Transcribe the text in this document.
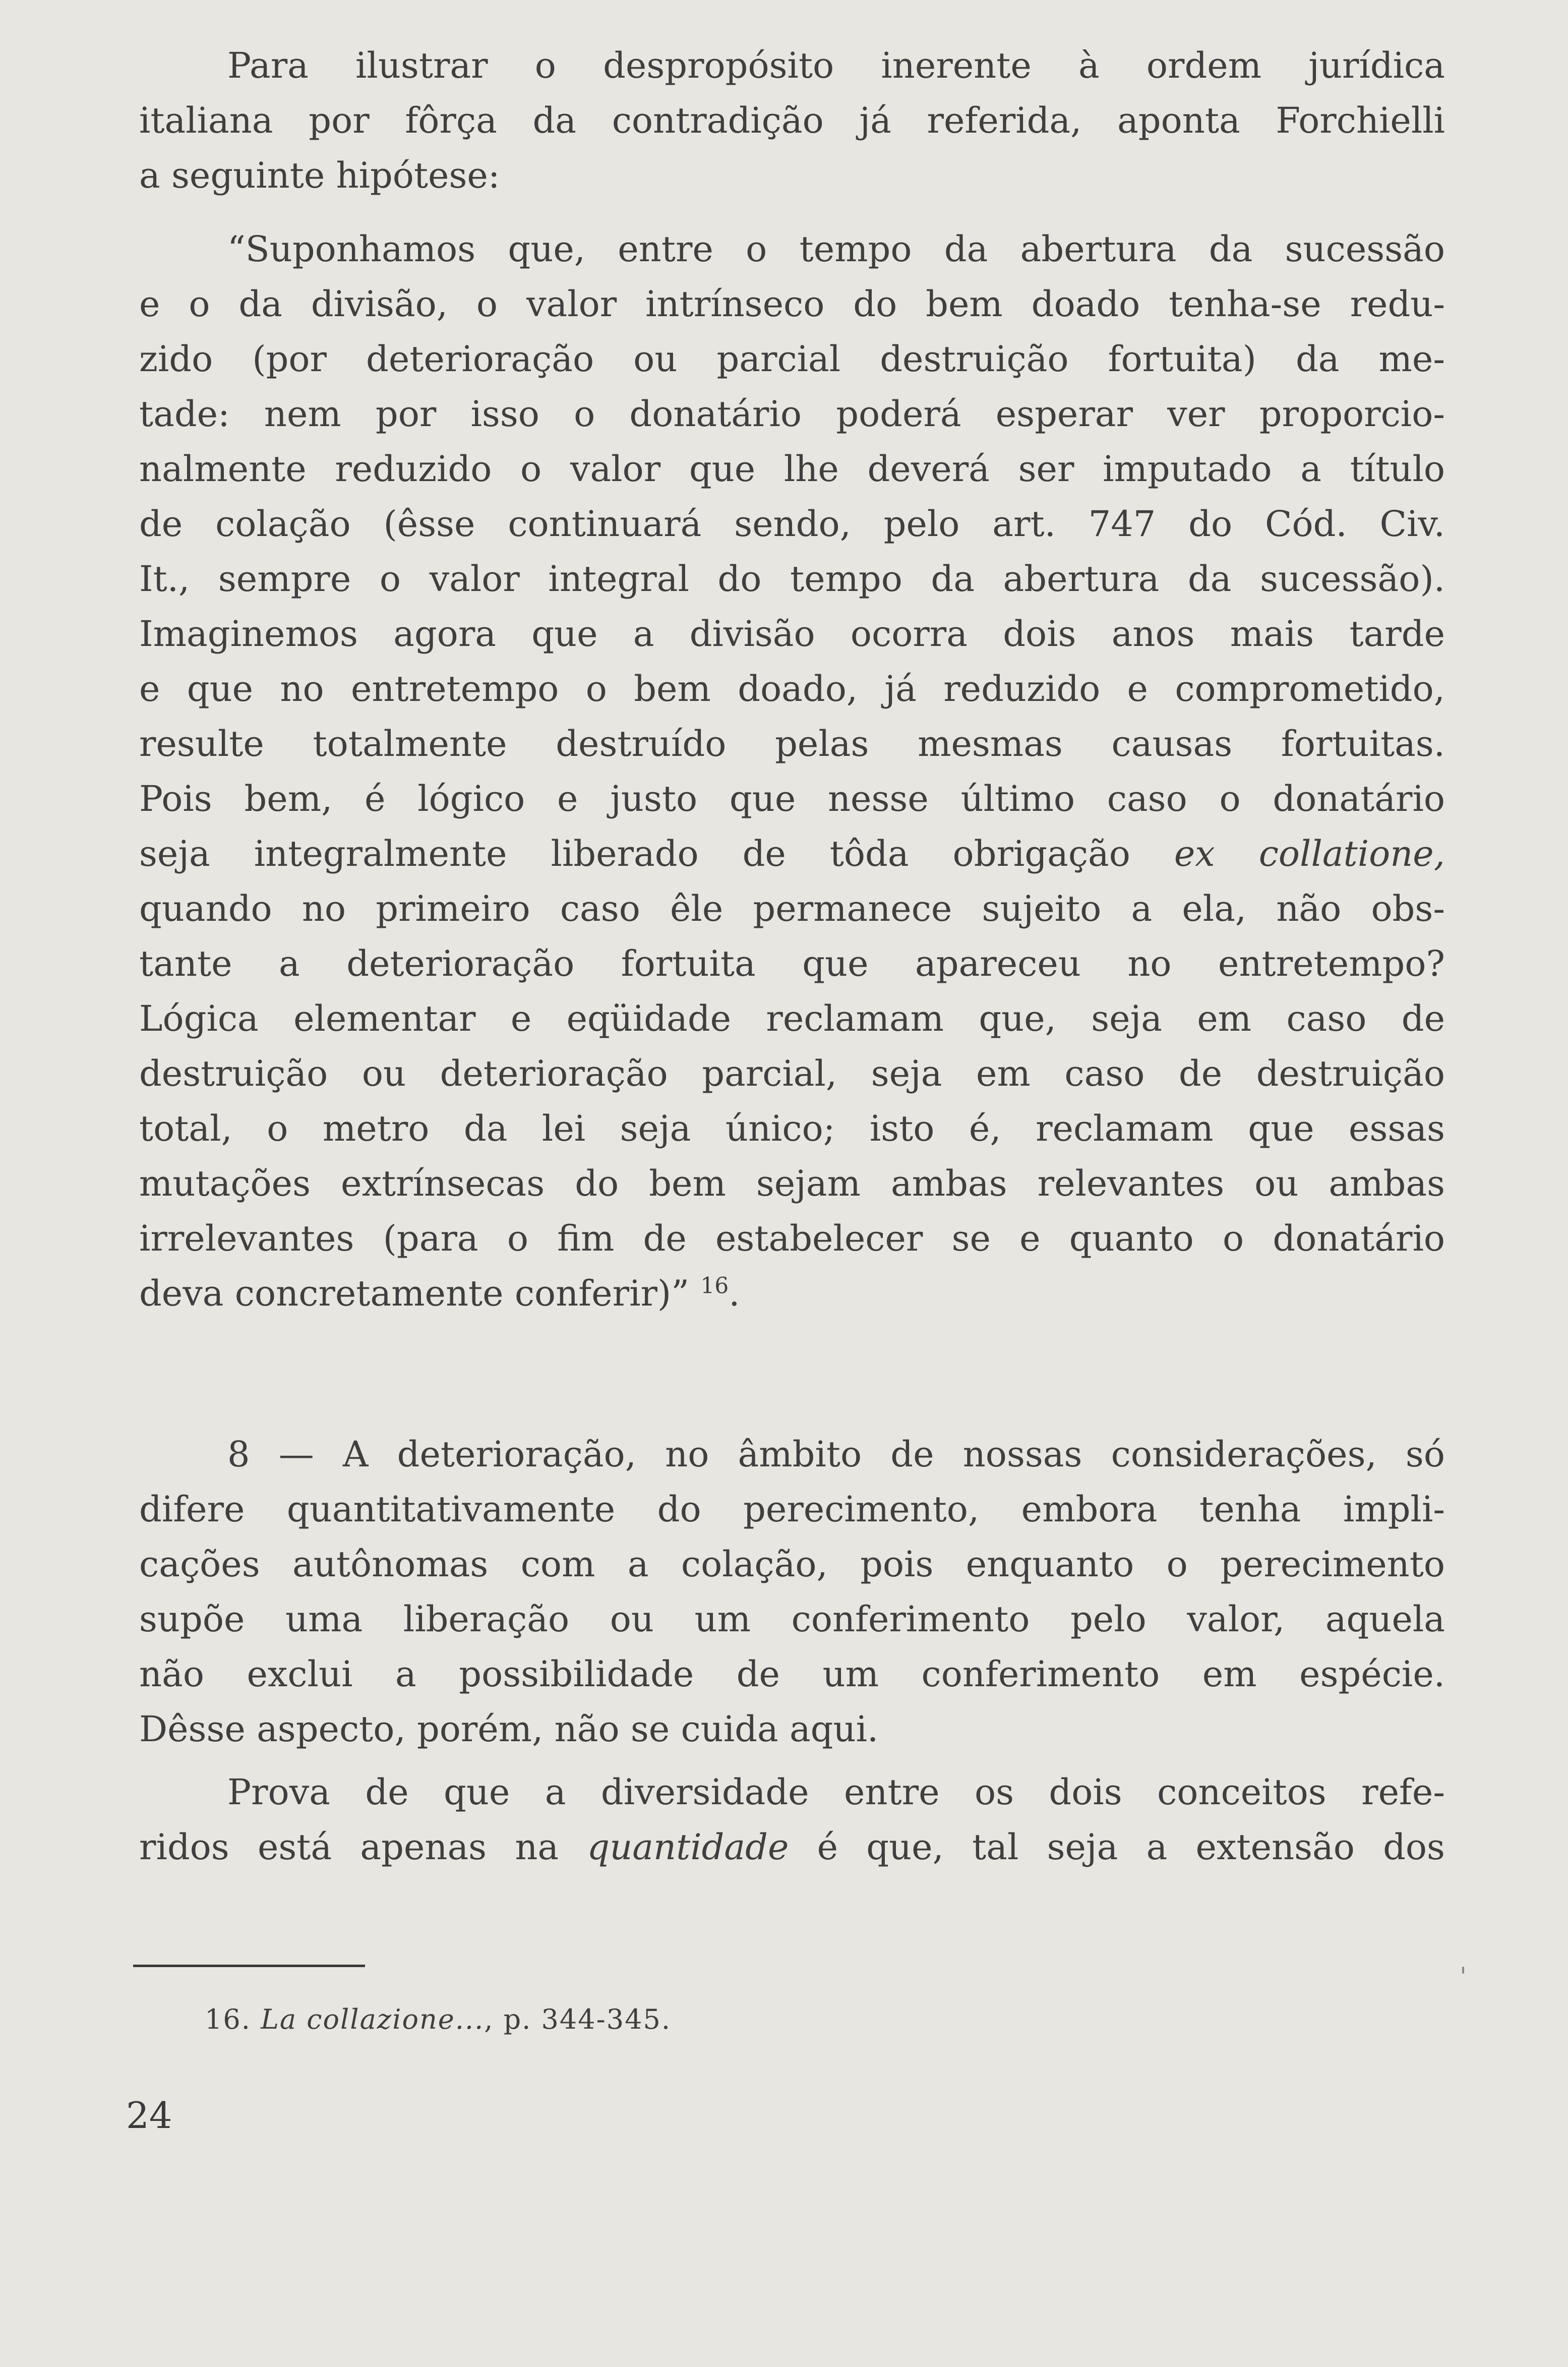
Para ilustrar o despropósito inerente à ordem jurídica
italiana por fôrça da contradição já referida, aponta Forchielli
a seguinte hipótese:
“Suponhamos que, entre o tempo da abertura da sucessão
e o da divisão, o valor intrínseco do bem doado tenha-se redu-
zido (por deterioração ou parcial destruição fortuita) da me-
tade: nem por isso o donatário poderá esperar ver proporcio-
nalmente reduzido o valor que lhe deverá ser imputado a título
de colação (êsse continuará sendo, pelo art. 747 do Cód. Civ.
It., sempre o valor integral do tempo da abertura da sucessão).
Imaginemos agora que a divisão ocorra dois anos mais tarde
e que no entretempo o bem doado, já reduzido e comprometido,
resulte totalmente destruído pelas mesmas causas fortuitas.
Pois bem, é lógico e justo que nesse último caso o donatário
seja integralmente liberado de tôda obrigação ex collatione,
quando no primeiro caso êle permanece sujeito a ela, não obs-
tante a deterioração fortuita que apareceu no entretempo?
Lógica elementar e eqüidade reclamam que, seja em caso de
destruição ou deterioração parcial, seja em caso de destruição
total, o metro da lei seja único; isto é, reclamam que essas
mutações extrínsecas do bem sejam ambas relevantes ou ambas
irrelevantes (para o fim de estabelecer se e quanto o donatário
deva concretamente conferir)” $^{16}$.
8 — A deterioração, no âmbito de nossas considerações, só
difere quantitativamente do perecimento, embora tenha impli-
cações autônomas com a colação, pois enquanto o perecimento
supõe uma liberação ou um conferimento pelo valor, aquela
não exclui a possibilidade de um conferimento em espécie.
Dêsse aspecto, porém, não se cuida aqui.
Prova de que a diversidade entre os dois conceitos refe-
ridos está apenas na quantidade é que, tal seja a extensão dos
16. La collazione..., p. 344-345.
24
